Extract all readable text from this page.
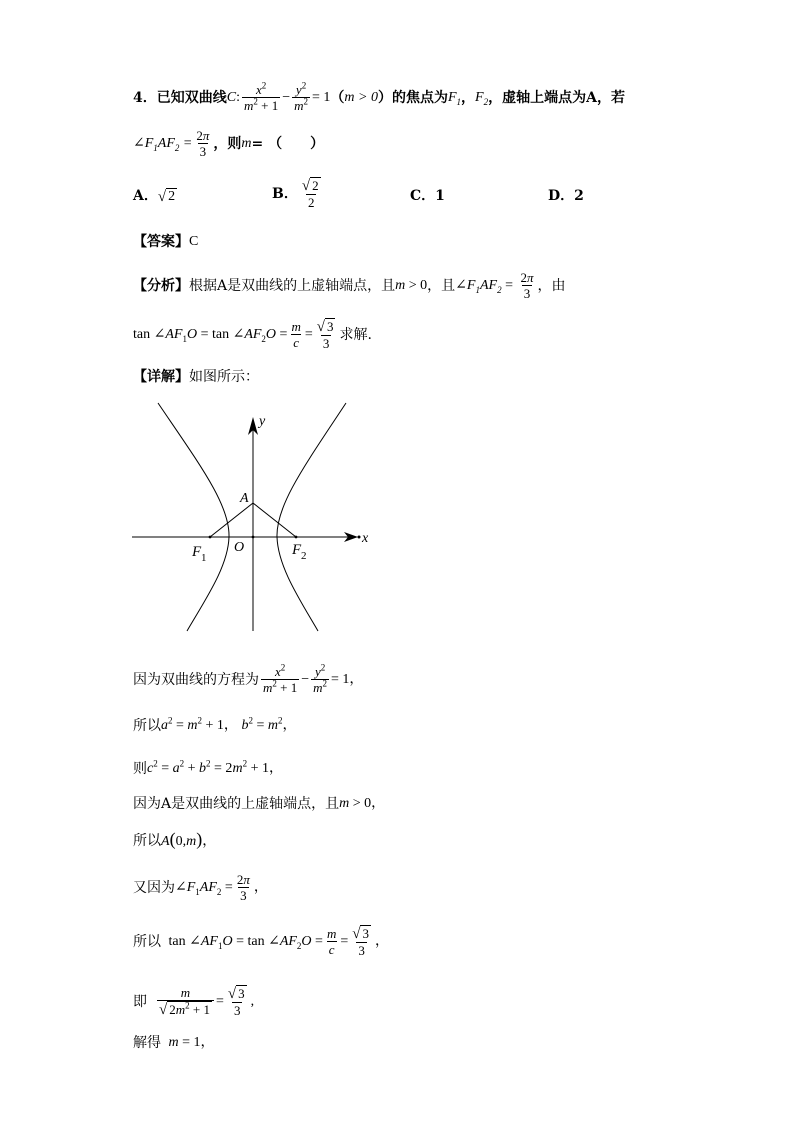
4． 已知双曲线 C : $\frac{x^2}{m^2 + 1} - \frac{y^2}{m^2} = 1$ （ m > 0 ） 的焦点为 $F_1$ ， $F_2$ ，虚轴上端点为A，若
$\angle F_1AF_2 = \frac{2\pi}{3}$ ，则 m = （　　）
A． √ 2	B． $\frac{√ 2}{2}$	C．1	D．2
【答案】 C
【分析】 根据A是双曲线的上虚轴端点，且 m > 0 ，且 $\angle F_1AF_2 = \frac{2\pi}{3}$ ，由
$\tan \angle AF_1O = \tan$ $\angle AF_2O = \frac{m}{c} = \frac{√ 3}{3}$ 求解.
【详解】 如图所示：
y
x
A
O
F 1	F 2
因为双曲线的方程为 $\frac{x^2}{m^2 + 1} - \frac{y^2}{m^2} = 1$，
所以 $a^2 = m^2 + 1$， $b^2 = m^2$，
则 $c^2 = a^2 + b^2 = 2m^2 + 1$，
因为A是双曲线的上虚轴端点，且 m > 0，
所以 A(0,m)，
又因为 $\angle F_1AF_2 = \frac{2\pi}{3}$ ，
所以 $\tan \angle AF_1O = \tan$ $\angle AF_2O = \frac{m}{c} = \frac{√ 3}{3}$ ，
即 $\frac{m}{√ 2m^2 + 1} = \frac{√ 3}{3}$ ,
解得 m = 1，
